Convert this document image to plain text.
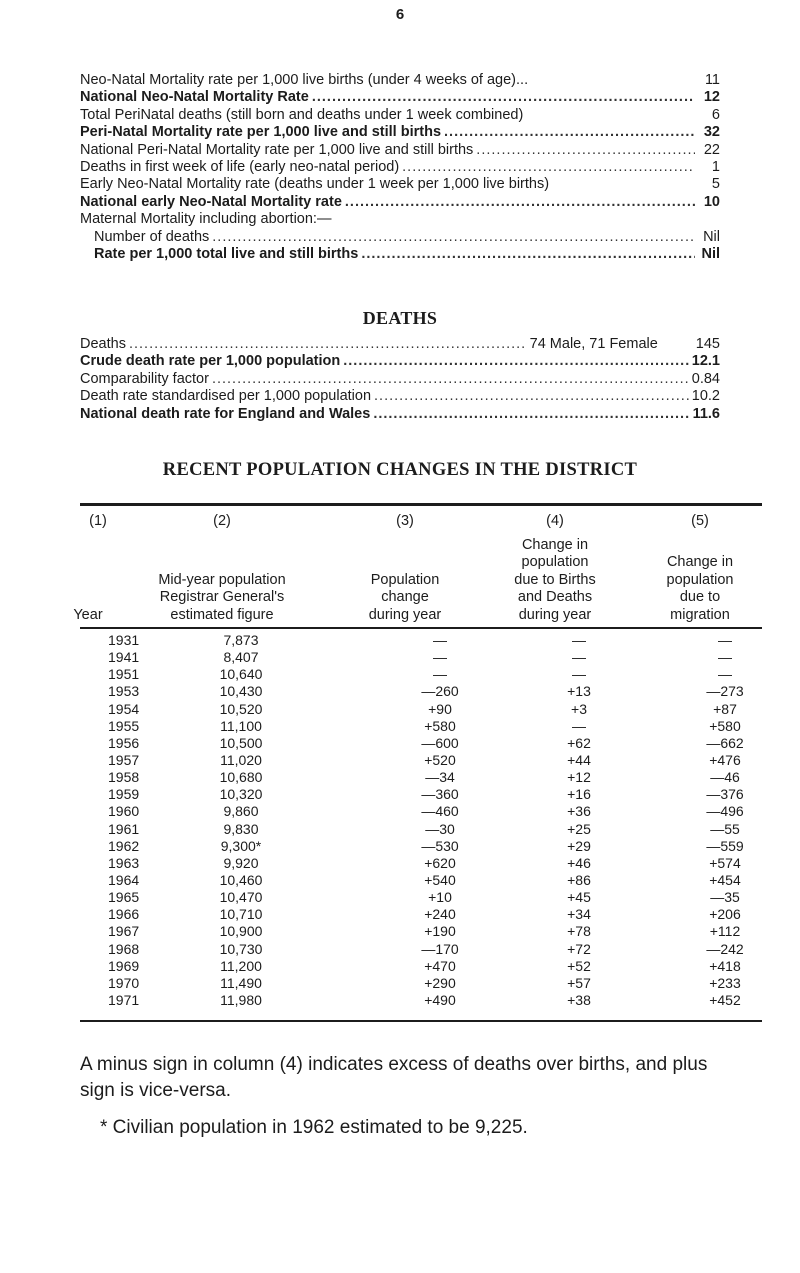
6
Neo-Natal Mortality rate per 1,000 live births (under 4 weeks of age)...	11
National Neo-Natal Mortality Rate .....	12
Total PeriNatal deaths (still born and deaths under 1 week combined)	6
Peri-Natal Mortality rate per 1,000 live and still births .....	32
National Peri-Natal Mortality rate per 1,000 live and still births .....	22
Deaths in first week of life (early neo-natal period) .....	1
Early Neo-Natal Mortality rate (deaths under 1 week per 1,000 live births)	5
National early Neo-Natal Mortality rate .....	10
Maternal Mortality including abortion:—
Number of deaths .....	Nil
Rate per 1,000 total live and still births .....	Nil
DEATHS
Deaths .....	74 Male, 71 Female	145
Crude death rate per 1,000 population .....	12.1
Comparability factor .....	0.84
Death rate standardised per 1,000 population .....	10.2
National death rate for England and Wales .....	11.6
RECENT POPULATION CHANGES IN THE DISTRICT
(1)
Year
(2)
Mid-year population
Registrar General's
estimated figure
(3)
Population
change
during year
(4)
Change in
population
due to Births
and Deaths
during year
(5)
Change in
population
due to
migration
1931	7,873	—	—	—
1941	8,407	—	—	—
1951	10,640	—	—	—
1953	10,430	—260	+13	—273
1954	10,520	+90	+3	+87
1955	11,100	+580	—	+580
1956	10,500	—600	+62	—662
1957	11,020	+520	+44	+476
1958	10,680	—34	+12	—46
1959	10,320	—360	+16	—376
1960	9,860	—460	+36	—496
1961	9,830	—30	+25	—55
1962	9,300*	—530	+29	—559
1963	9,920	+620	+46	+574
1964	10,460	+540	+86	+454
1965	10,470	+10	+45	—35
1966	10,710	+240	+34	+206
1967	10,900	+190	+78	+112
1968	10,730	—170	+72	—242
1969	11,200	+470	+52	+418
1970	11,490	+290	+57	+233
1971	11,980	+490	+38	+452

A minus sign in column (4) indicates excess of deaths over births, and plus sign is vice-versa.

* Civilian population in 1962 estimated to be 9,225.
